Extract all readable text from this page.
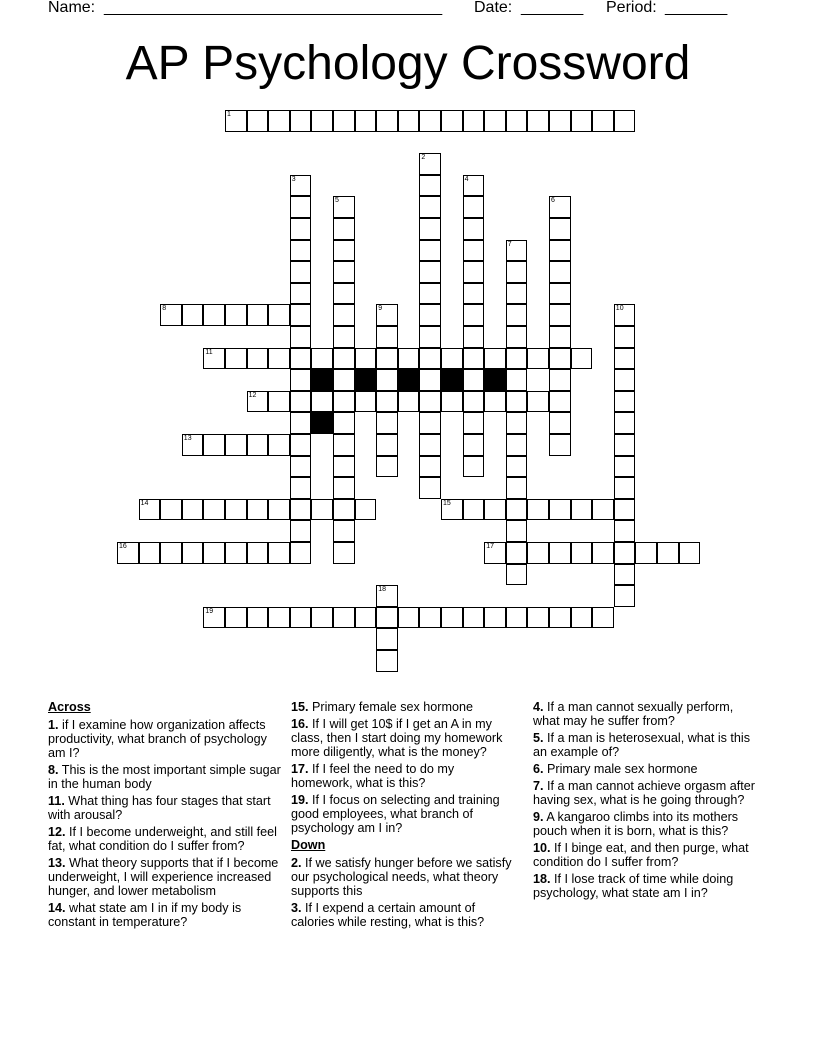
Name: ______________________________________ Date: _______ Period: _______
AP Psychology Crossword
1
2
3	4
5	6
7
8	9	10
11
12
13
14	15
16	17
18
19
Across
1. if I examine how organization affects productivity, what branch of psychology am I?
8. This is the most important simple sugar in the human body
11. What thing has four stages that start with arousal?
12. If I become underweight, and still feel fat, what condition do I suffer from?
13. What theory supports that if I become underweight, I will experience increased hunger, and lower metabolism
14. what state am I in if my body is constant in temperature?
15. Primary female sex hormone
16. If I will get 10$ if I get an A in my class, then I start doing my homework more diligently, what is the money?
17. If I feel the need to do my homework, what is this?
19. If I focus on selecting and training good employees, what branch of psychology am I in?
Down
2. If we satisfy hunger before we satisfy our psychological needs, what theory supports this
3. If I expend a certain amount of calories while resting, what is this?
4. If a man cannot sexually perform, what may he suffer from?
5. If a man is heterosexual, what is this an example of?
6. Primary male sex hormone
7. If a man cannot achieve orgasm after having sex, what is he going through?
9. A kangaroo climbs into its mothers pouch when it is born, what is this?
10. If I binge eat, and then purge, what condition do I suffer from?
18. If I lose track of time while doing psychology, what state am I in?
